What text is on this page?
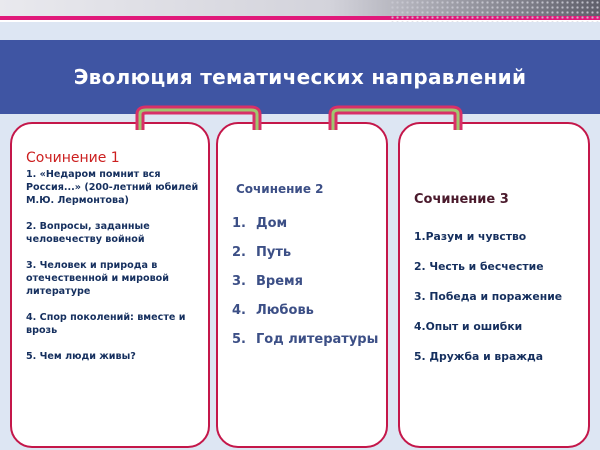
Эволюция тематических направлений
Сочинение 1
1. «Недаром помнит вся Россия...» (200-летний юбилей М.Ю. Лермонтова)
2. Вопросы, заданные человечеству войной
3. Человек и природа в отечественной и мировой литературе
4. Спор поколений: вместе и врозь
5. Чем люди живы?
Сочинение 2
1. Дом
2. Путь
3. Время
4. Любовь
5. Год литературы
Сочинение 3
1.Разум и чувство
2. Честь и бесчестие
3. Победа и поражение
4.Опыт и ошибки
5. Дружба и вражда
